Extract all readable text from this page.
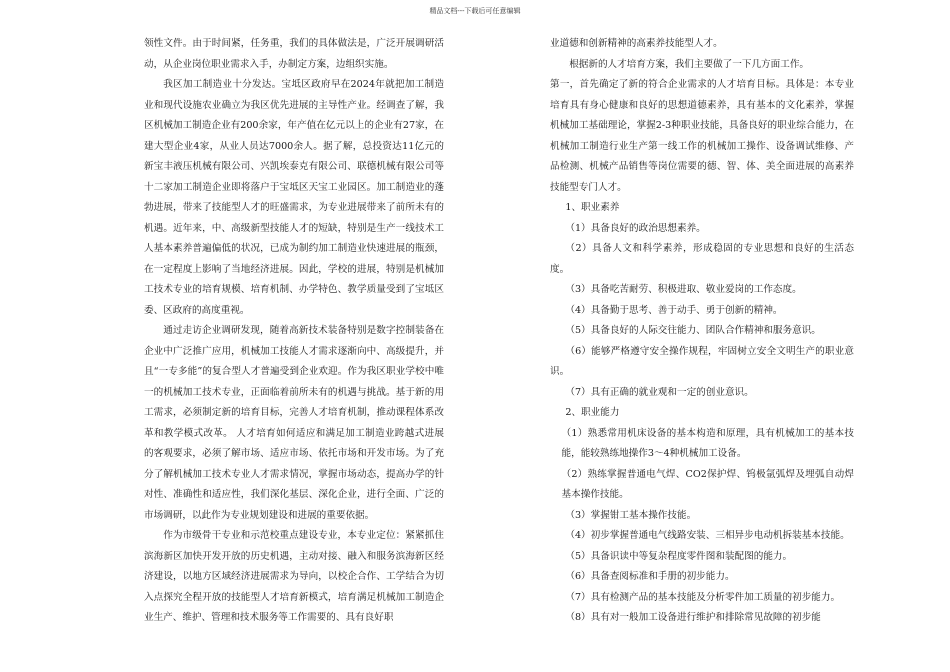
精品文档---下载后可任意编辑

领性文件。由于时间紧，任务重，我们的具体做法是，广泛开展调研活动，从企业岗位职业需求入手，办制定方案，边组织实施。

我区加工制造业十分发达。宝坻区政府早在2024年就把加工制造业和现代设施农业确立为我区优先进展的主导性产业。经调查了解，我区机械加工制造企业有200余家，年产值在亿元以上的企业有27家，在建大型企业4家，从业人员达7000余人。据了解，总投资达11亿元的新宝丰液压机械有限公司、兴凯埃泰克有限公司、联德机械有限公司等十二家加工制造企业即将落户于宝坻区天宝工业园区。加工制造业的蓬勃进展，带来了技能型人才的旺盛需求，为专业进展带来了前所未有的机遇。近年来，中、高级新型技能人才的短缺，特别是生产一线技术工人基本素养普遍偏低的状况，已成为制约加工制造业快速进展的瓶颈，在一定程度上影响了当地经济进展。因此，学校的进展，特别是机械加工技术专业的培育规模、培育机制、办学特色、教学质量受到了宝坻区委、区政府的高度重视。

通过走访企业调研发现，随着高新技术装备特别是数字控制装备在企业中广泛推广应用，机械加工技能人才需求逐渐向中、高级提升，并且“一专多能”的复合型人才普遍受到企业欢迎。作为我区职业学校中唯一的机械加工技术专业，正面临着前所未有的机遇与挑战。基于新的用工需求，必须制定新的培育目标，完善人才培育机制，推动课程体系改革和教学模式改革。 人才培育如何适应和满足加工制造业跨越式进展的客观要求，必须了解市场、适应市场、依托市场和开发市场。为了充分了解机械加工技术专业人才需求情况，掌握市场动态，提高办学的针对性、准确性和适应性，我们深化基层、深化企业，进行全面、广泛的市场调研，以此作为专业规划建设和进展的重要依据。

作为市级骨干专业和示范校重点建设专业，本专业定位：紧紧抓住滨海新区加快开发开放的历史机遇，主动对接、融入和服务滨海新区经济建设，以地方区域经济进展需求为导向，以校企合作、工学结合为切入点探究全程开放的技能型人才培育新模式，培育满足机械加工制造企业生产、维护、管理和技术服务等工作需要的、具有良好职

业道德和创新精神的高素养技能型人才。

根据新的人才培育方案，我们主要做了一下几方面工作。

第一，首先确定了新的符合企业需求的人才培育目标。具体是：本专业培育具有身心健康和良好的思想道德素养，具有基本的文化素养，掌握机械加工基础理论，掌握2-3种职业技能，具备良好的职业综合能力，在机械加工制造行业生产第一线工作的机械加工操作、设备调试维修、产品检测、机械产品销售等岗位需要的德、智、体、美全面进展的高素养技能型专门人才。

1、职业素养

（1）具备良好的政治思想素养。

（2）具备人文和科学素养，形成稳固的专业思想和良好的生活态度。

（3）具备吃苦耐劳、积极进取、敬业爱岗的工作态度。

（4）具备勤于思考、善于动手、勇于创新的精神。

（5）具备良好的人际交往能力、团队合作精神和服务意识。

（6）能够严格遵守安全操作规程，牢固树立安全文明生产的职业意识。

（7）具有正确的就业观和一定的创业意识。

2、职业能力

（1）熟悉常用机床设备的基本构造和原理，具有机械加工的基本技能，能较熟练地操作3～4种机械加工设备。

（2）熟练掌握普通电气焊、CO2保护焊、钨极氩弧焊及埋弧自动焊基本操作技能。

（3）掌握钳工基本操作技能。

（4）初步掌握普通电气线路安装、三相异步电动机拆装基本技能。

（5）具备识读中等复杂程度零件图和装配图的能力。

（6）具备查阅标准和手册的初步能力。

（7）具有检测产品的基本技能及分析零件加工质量的初步能力。

（8）具有对一般加工设备进行维护和排除常见故障的初步能
